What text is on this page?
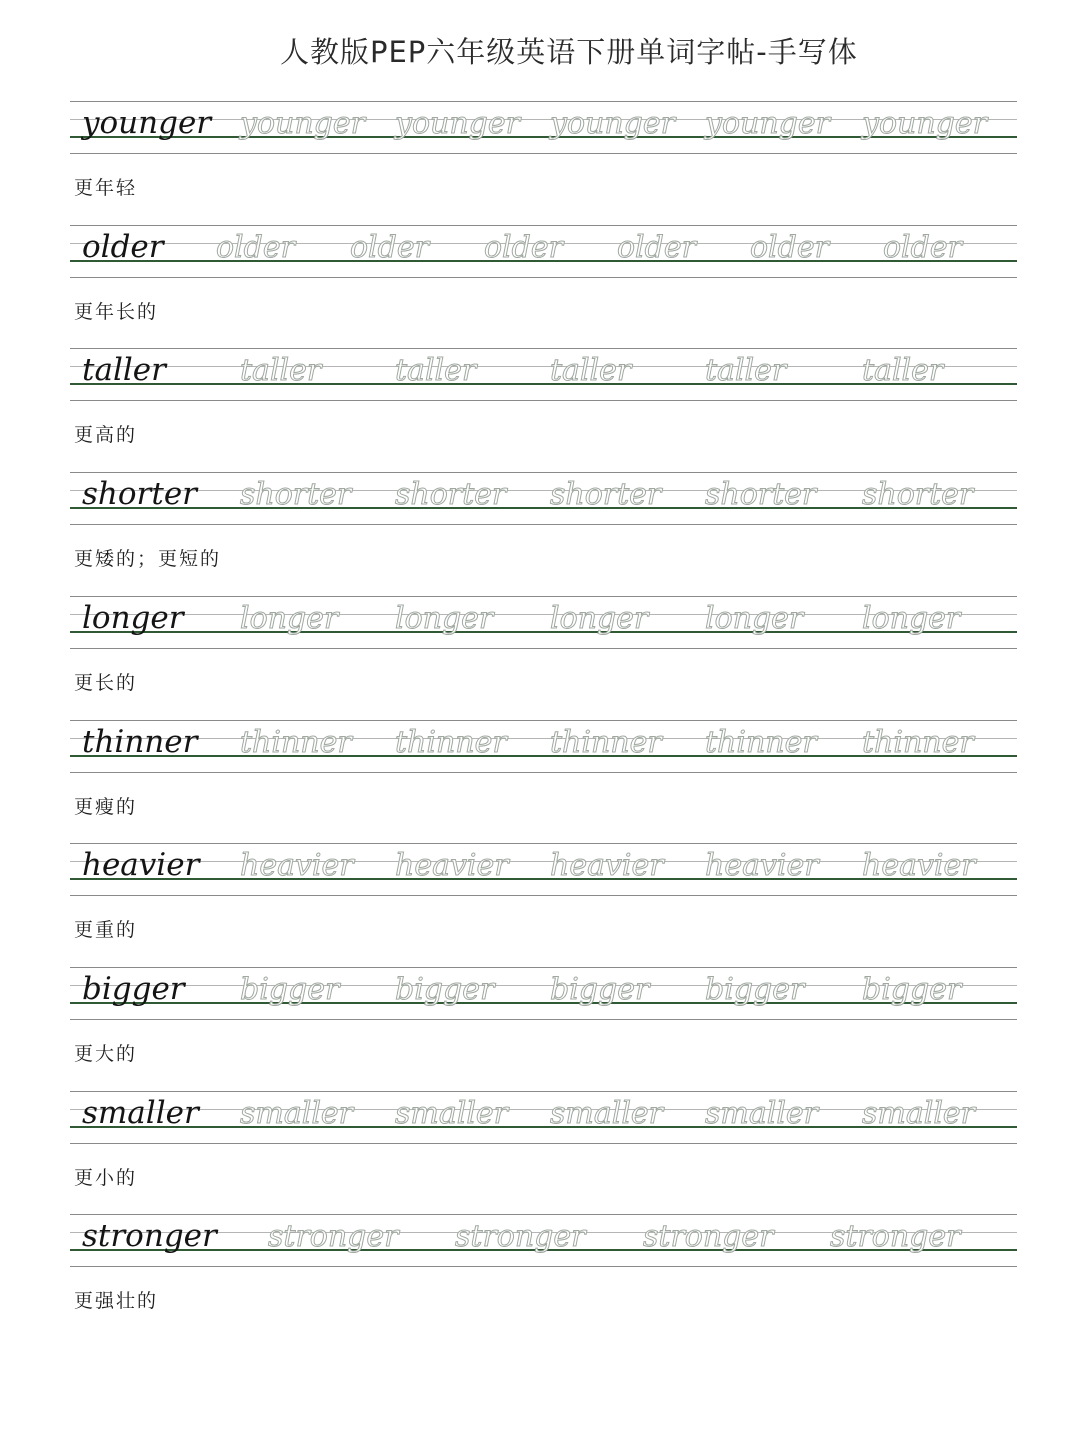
人教版PEP六年级英语下册单词字帖-手写体
younger younger younger younger younger younger
更年轻
older older older older older older older
更年长的
taller taller taller taller taller	taller
更高的
shorter shorter shorter shorter shorter shorter
更矮的；更短的
longer longer longer longer longer longer
更长的
thinner thinner thinner thinner thinner thinner
更瘦的
heavier heavier heavier heavier heavier heavier
更重的
bigger bigger bigger bigger bigger bigger
更大的
smaller smaller smaller smaller smaller smaller
更小的
stronger stronger stronger stronger stronger
更强壮的
